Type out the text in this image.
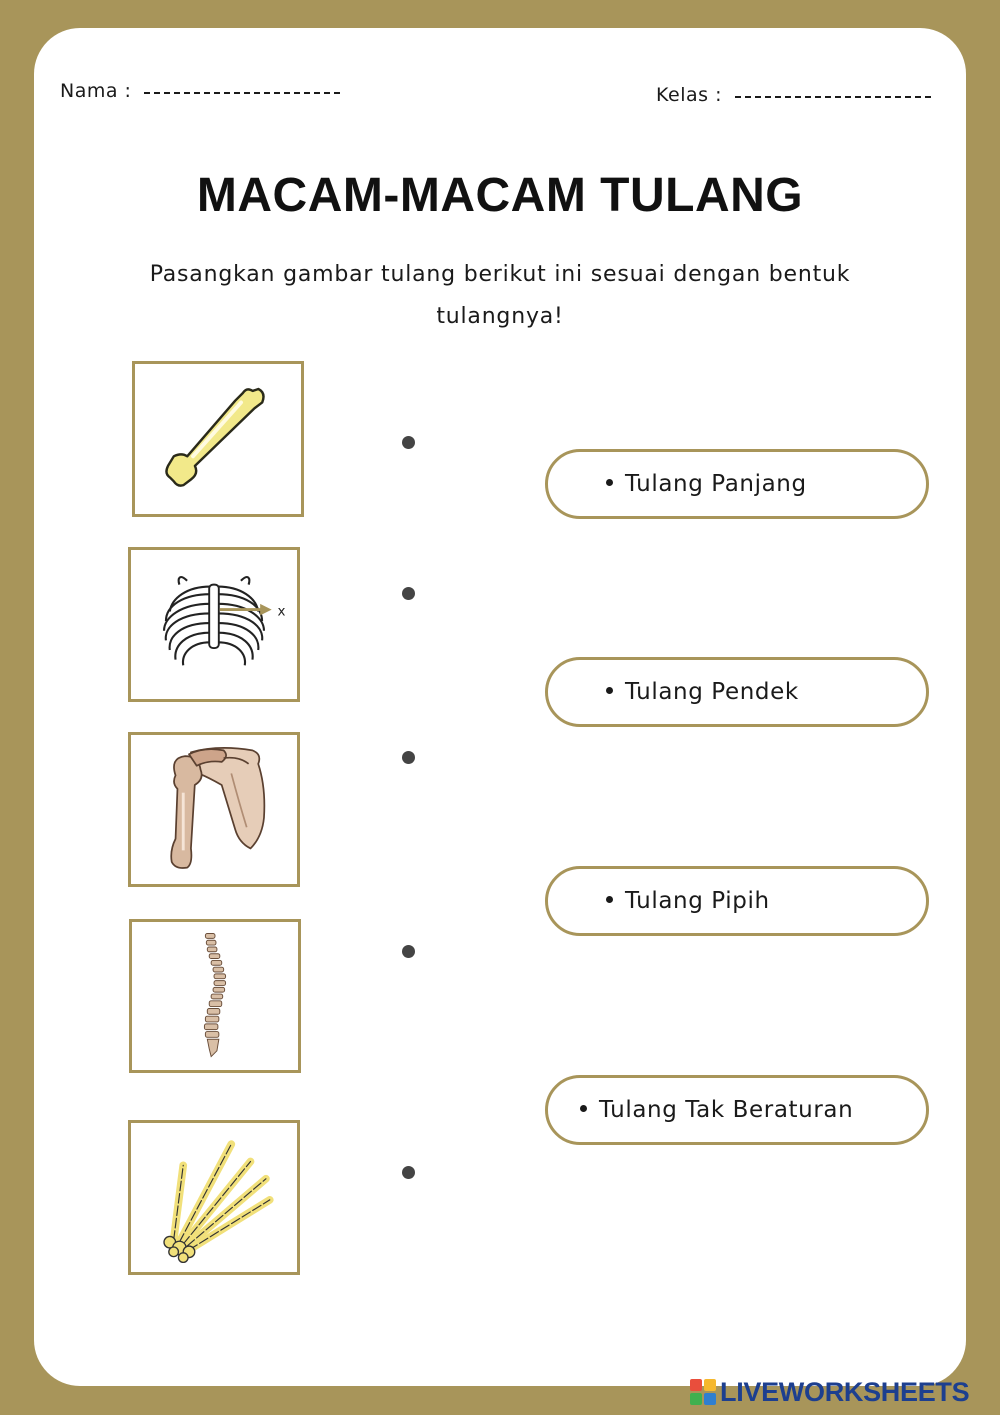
Nama :	Kelas :
MACAM-MACAM TULANG
Pasangkan gambar tulang berikut ini sesuai dengan bentuk tulangnya!
x
Tulang Panjang
Tulang Pendek
Tulang Pipih
Tulang Tak Beraturan
LIVEWORKSHEETS
